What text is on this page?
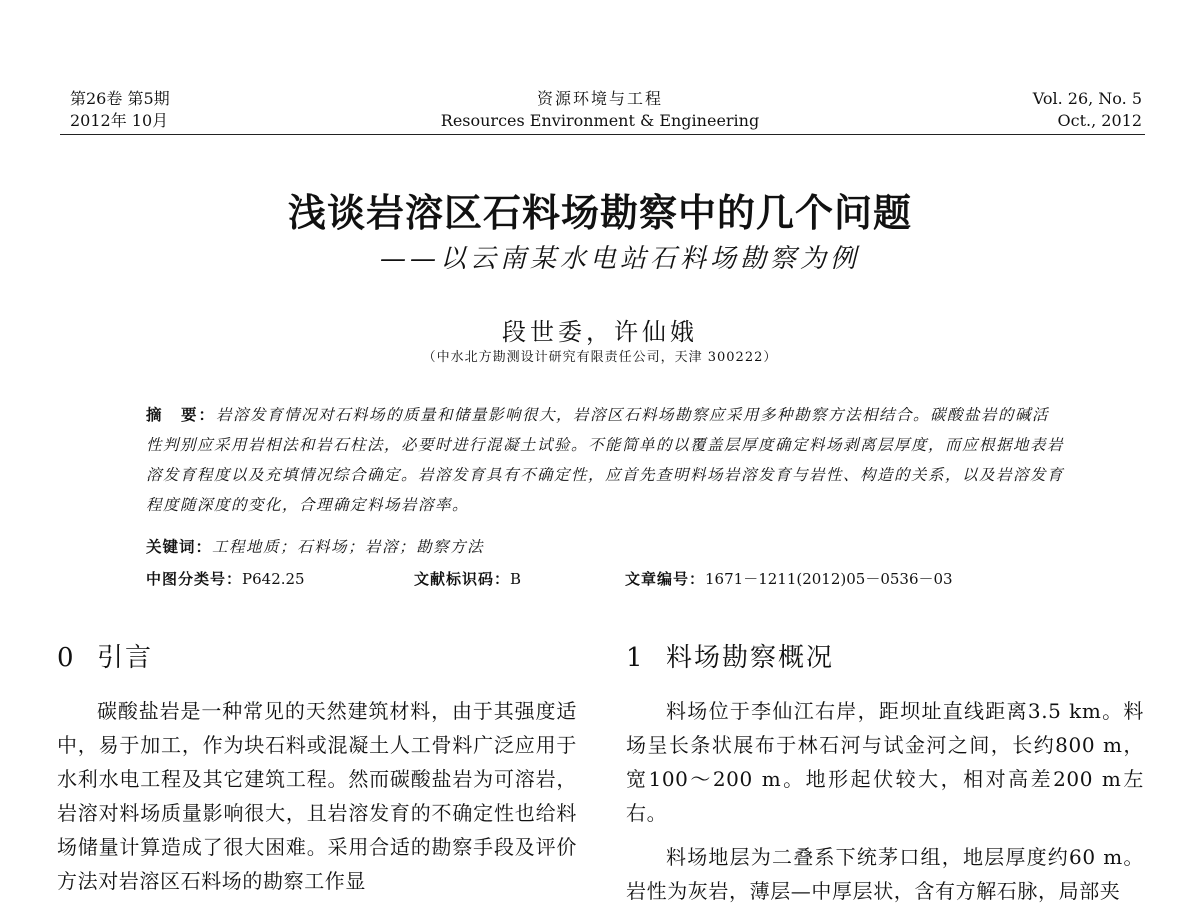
第26卷 第5期
2012年 10月
资源环境与工程
Resources Environment & Engineering
Vol. 26, No. 5
Oct., 2012
浅谈岩溶区石料场勘察中的几个问题
——以云南某水电站石料场勘察为例
段世委，许仙娥
（中水北方勘测设计研究有限责任公司，天津 300222）
摘　要：岩溶发育情况对石料场的质量和储量影响很大，岩溶区石料场勘察应采用多种勘察方法相结合。碳酸盐岩的碱活性判别应采用岩相法和岩石柱法，必要时进行混凝土试验。不能简单的以覆盖层厚度确定料场剥离层厚度，而应根据地表岩溶发育程度以及充填情况综合确定。岩溶发育具有不确定性，应首先查明料场岩溶发育与岩性、构造的关系，以及岩溶发育程度随深度的变化，合理确定料场岩溶率。
关键词：工程地质；石料场；岩溶；勘察方法
中图分类号：P642.25	文献标识码：B	文章编号：1671－1211(2012)05－0536－03
0 引言	1 料场勘察概况

碳酸盐岩是一种常见的天然建筑材料，由于其强度适中，易于加工，作为块石料或混凝土人工骨料广泛应用于水利水电工程及其它建筑工程。然而碳酸盐岩为可溶岩，岩溶对料场质量影响很大，且岩溶发育的不确定性也给料场储量计算造成了很大困难。采用合适的勘察手段及评价方法对岩溶区石料场的勘察工作显

料场位于李仙江右岸，距坝址直线距离3.5 km。料场呈长条状展布于林石河与试金河之间，长约800 m，宽100～200 m。地形起伏较大，相对高差200 m左右。

料场地层为二叠系下统茅口组，地层厚度约60 m。岩性为灰岩，薄层—中厚层状，含有方解石脉，局部夹
